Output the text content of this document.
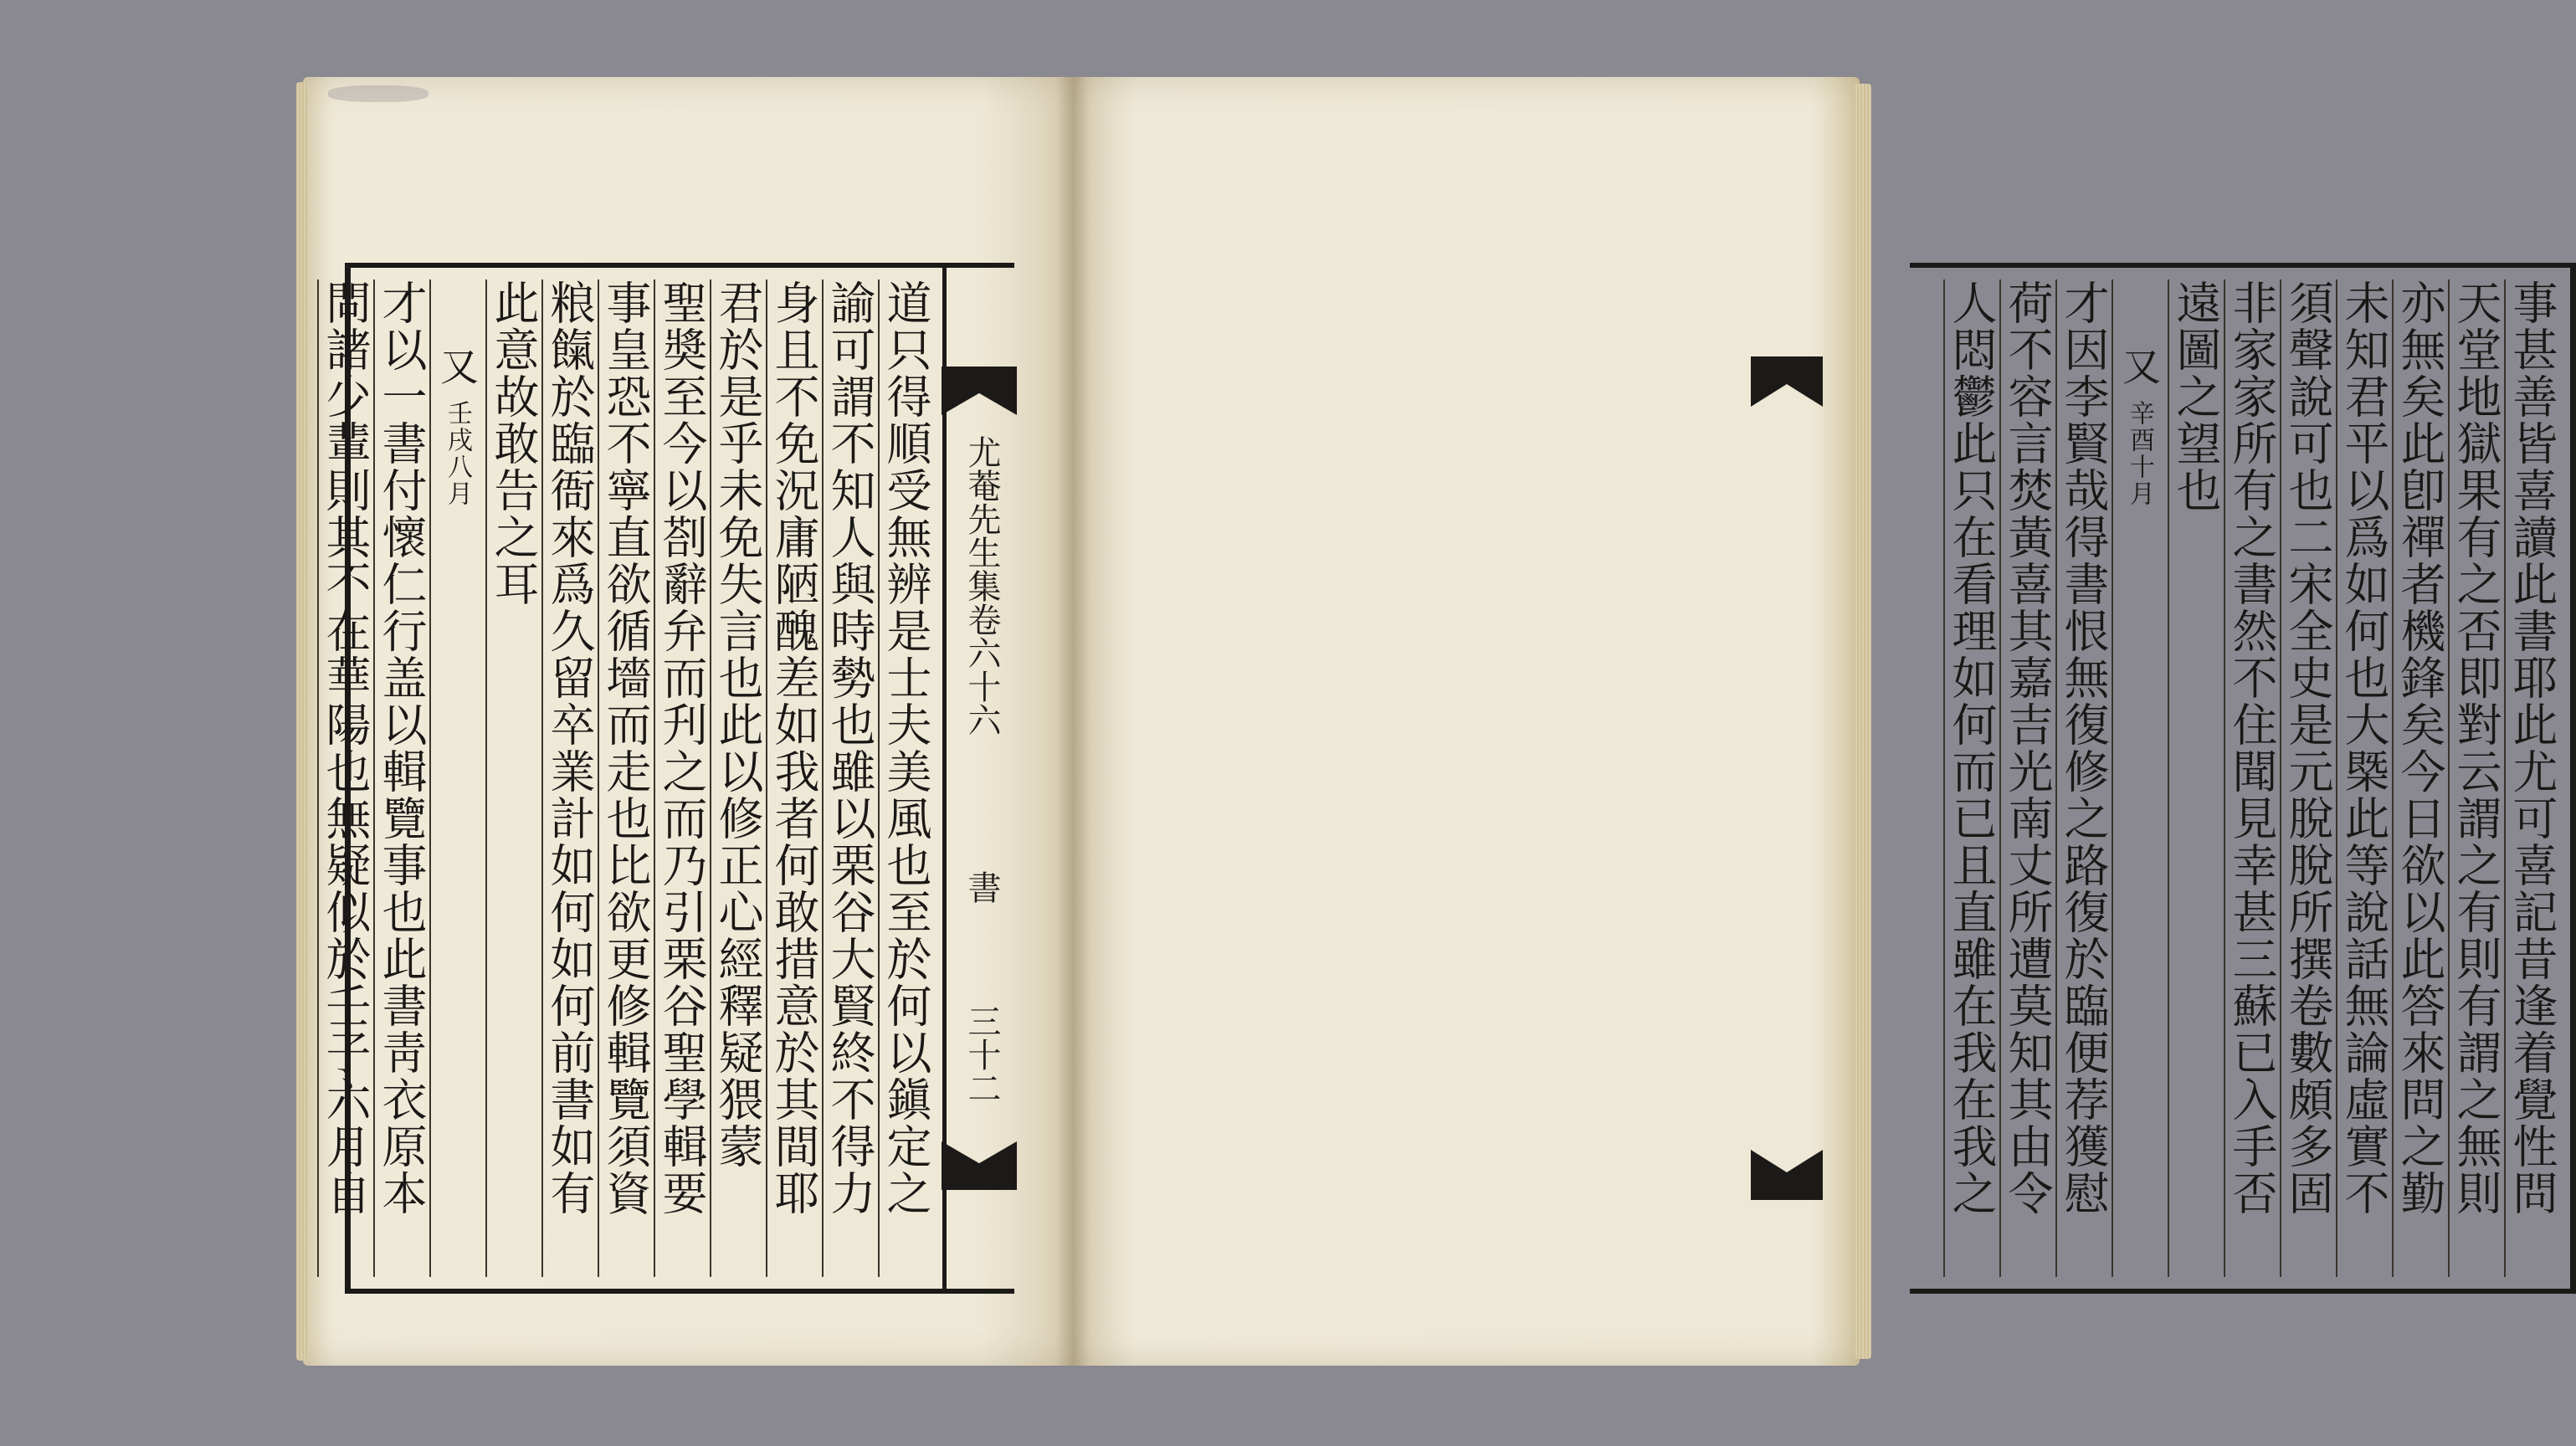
道只得順受無辨是士夫美風也至於何以鎭定之
諭可謂不知人與時勢也雖以栗谷大賢終不得力
身且不免況庸陋醜差如我者何敢措意於其間耶
君於是乎未免失言也此以修正心經釋疑猥蒙
聖奬至今以剳辭弁而刋之而乃引栗谷聖學輯要
事皇恐不寧直欲循墻而走也比欲更修輯覽須資
粮餼於臨衙來爲久留卒業計如何如何前書如有
此意故敢告之耳
又壬戌八月
才以一書付懷仁行盖以輯覽事也此書靑衣原本
問諸少輩則其不在華陽也無疑似於壬子六月自	尤菴先生集卷六十六
書
三十二	事甚善皆喜讀此書耶此尤可喜記昔逢着覺性問
天堂地獄果有之否即對云謂之有則有謂之無則
亦無矣此卽禪者機鋒矣今日欲以此答來問之勤
未知君平以爲如何也大槩此等說話無論虛實不
須聲說可也二宋全史是元脫脫所撰卷數頗多固
非家家所有之書然不住聞見幸甚三蘇已入手否
遠圖之望也
又辛酉十月
才因李賢哉得書恨無復修之路復於臨便荐獲慰
荷不容言焚黃喜其嘉吉光南丈所遭莫知其由令
人悶鬱此只在看理如何而已且直雖在我在我之
